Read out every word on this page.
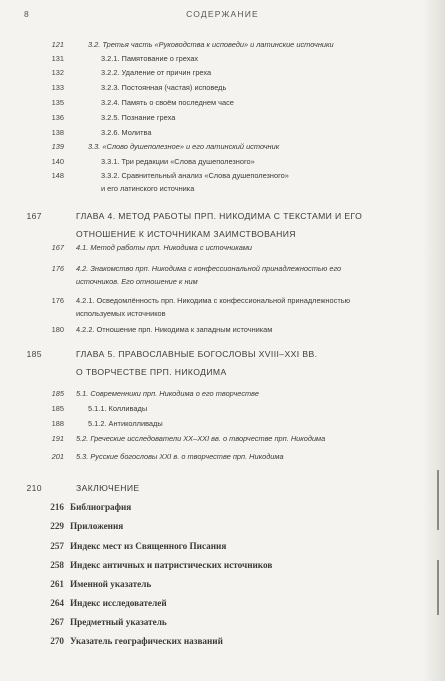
8	СОДЕРЖАНИЕ
121	3.2. Третья часть «Руководства к исповеди» и латинские источники
131	3.2.1. Памятование о грехах
132	3.2.2. Удаление от причин греха
133	3.2.3. Постоянная (частая) исповедь
135	3.2.4. Память о своём последнем часе
136	3.2.5. Познание греха
138	3.2.6. Молитва
139	3.3. «Слово душеполезное» и его латинский источник
140	3.3.1. Три редакции «Слова душеполезного»
148	3.3.2. Сравнительный анализ «Слова душеполезного»
и его латинского источника
167	ГЛАВА 4. МЕТОД РАБОТЫ ПРП. НИКОДИМА С ТЕКСТАМИ И ЕГО
ОТНОШЕНИЕ К ИСТОЧНИКАМ ЗАИМСТВОВАНИЯ
167 4.1. Метод работы прп. Никодима с источниками
176 4.2. Знакомство прп. Никодима с конфессиональной принадлежностью его
источников. Его отношение к ним
176 4.2.1. Осведомлённость прп. Никодима с конфессиональной принадлежностью
используемых источников
180 4.2.2. Отношение прп. Никодима к западным источникам
185	ГЛАВА 5. ПРАВОСЛАВНЫЕ БОГОСЛОВЫ XVIII–XXI ВВ.
О ТВОРЧЕСТВЕ ПРП. НИКОДИМА
185 5.1. Современники прп. Никодима о его творчестве
185	5.1.1. Колливады
188	5.1.2. Антиколливады
191 5.2. Греческие исследователи XX–XXI вв. о творчестве прп. Никодима
201 5.3. Русские богословы XXI в. о творчестве прп. Никодима
210	ЗАКЛЮЧЕНИЕ
216 Библиография
229 Приложения
257 Индекс мест из Священного Писания
258 Индекс античных и патристических источников
261 Именной указатель
264 Индекс исследователей
267 Предметный указатель
270 Указатель географических названий
